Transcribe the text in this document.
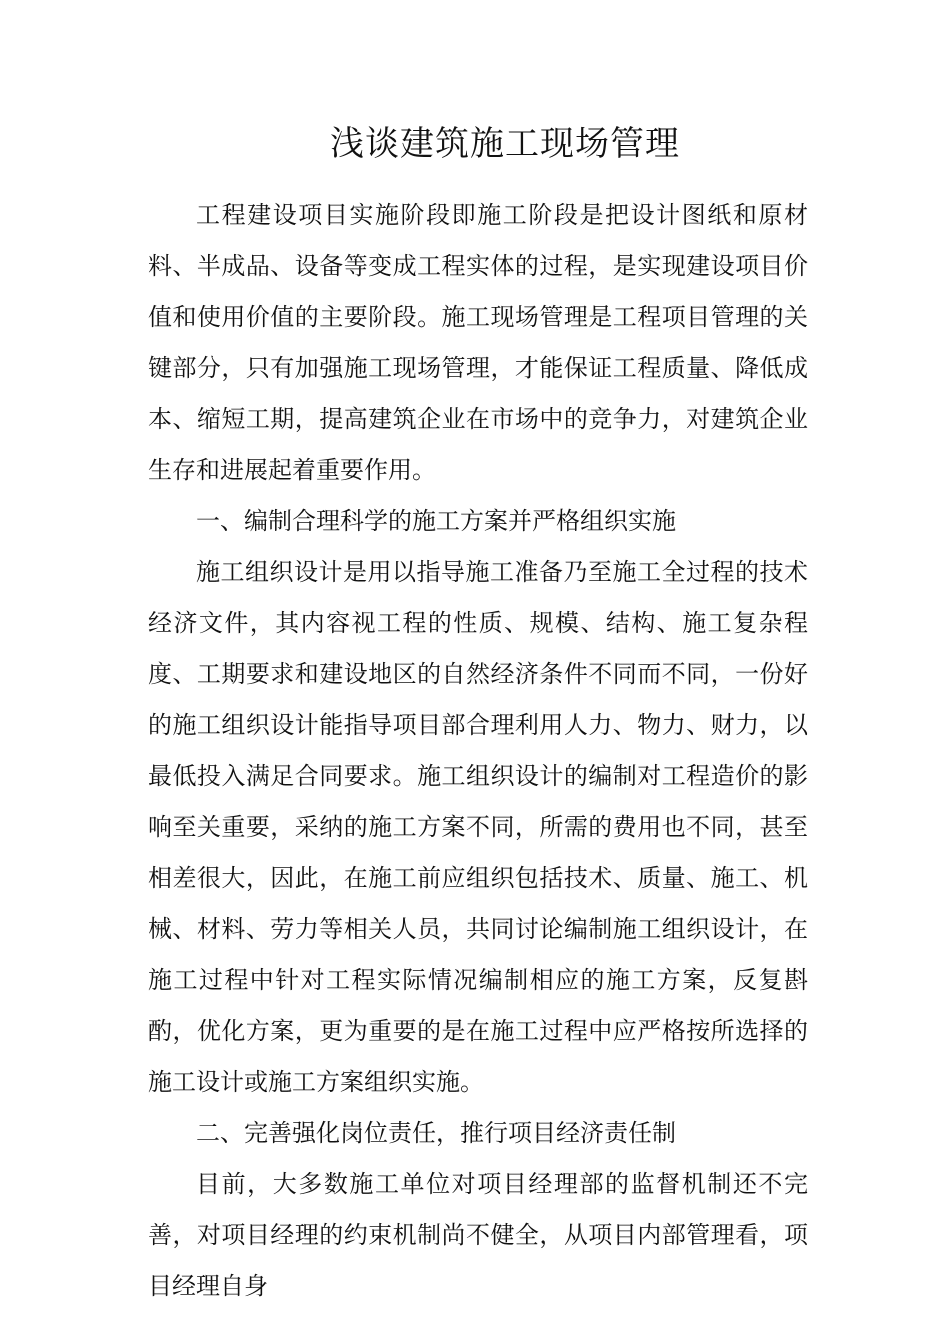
浅谈建筑施工现场管理

工程建设项目实施阶段即施工阶段是把设计图纸和原材料、半成品、设备等变成工程实体的过程，是实现建设项目价值和使用价值的主要阶段。施工现场管理是工程项目管理的关键部分，只有加强施工现场管理，才能保证工程质量、降低成本、缩短工期，提高建筑企业在市场中的竞争力，对建筑企业生存和进展起着重要作用。

一、编制合理科学的施工方案并严格组织实施

施工组织设计是用以指导施工准备乃至施工全过程的技术经济文件，其内容视工程的性质、规模、结构、施工复杂程度、工期要求和建设地区的自然经济条件不同而不同，一份好的施工组织设计能指导项目部合理利用人力、物力、财力，以最低投入满足合同要求。施工组织设计的编制对工程造价的影响至关重要，采纳的施工方案不同，所需的费用也不同，甚至相差很大，因此，在施工前应组织包括技术、质量、施工、机械、材料、劳力等相关人员，共同讨论编制施工组织设计，在施工过程中针对工程实际情况编制相应的施工方案，反复斟酌，优化方案，更为重要的是在施工过程中应严格按所选择的施工设计或施工方案组织实施。

二、完善强化岗位责任，推行项目经济责任制

目前，大多数施工单位对项目经理部的监督机制还不完善，对项目经理的约束机制尚不健全，从项目内部管理看，项目经理自身
